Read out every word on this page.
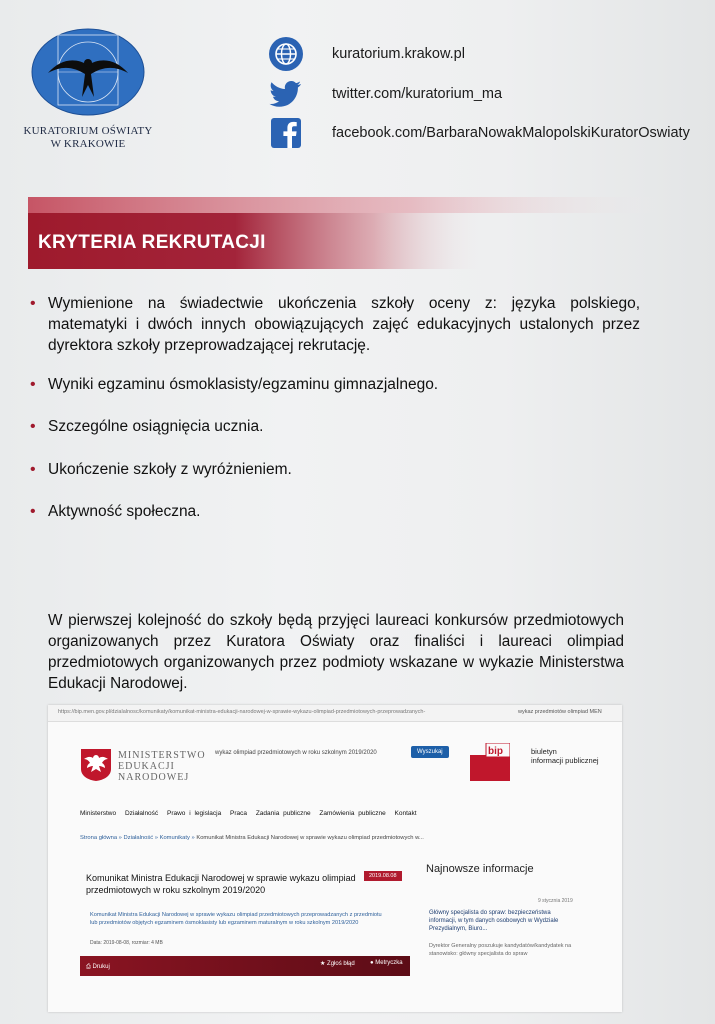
KURATORIUM OŚWIATY
W KRAKOWIE
kuratorium.krakow.pl
twitter.com/kuratorium_ma
facebook.com/BarbaraNowakMalopolskiKuratorOswiaty
KRYTERIA REKRUTACJI
• Wymienione na świadectwie ukończenia szkoły oceny z: języka polskiego, matematyki i dwóch innych obowiązujących zajęć edukacyjnych ustalonych przez dyrektora szkoły przeprowadzającej rekrutację.
• Wyniki egzaminu ósmoklasisty/egzaminu gimnazjalnego.
• Szczególne osiągnięcia ucznia.
• Ukończenie szkoły z wyróżnieniem.
• Aktywność społeczna.
W pierwszej kolejność do szkoły będą przyjęci laureaci konkursów przedmiotowych organizowanych przez Kuratora Oświaty oraz finaliści i laureaci olimpiad przedmiotowych organizowanych przez podmioty wskazane w wykazie Ministerstwa Edukacji Narodowej.
https://bip.men.gov.pl/dzialalnosc/komunikaty/komunikat-ministra-edukacji-narodowej-w-sprawie-wykazu-olimpiad-przedmiotowych-przeprowadzanych-	wykaz przedmiotów olimpiad MEN
MINISTERSTWO
EDUKACJI
NARODOWEJ
wykaz olimpiad przedmiotowych w roku szkolnym 2019/2020	Wyszukaj	bip	biuletyn
informacji publicznej
Ministerstwo Działalność Prawo i legislacja Praca Zadania publiczne Zamówienia publiczne Kontakt
Strona główna » Działalność » Komunikaty » Komunikat Ministra Edukacji Narodowej w sprawie wykazu olimpiad przedmiotowych w...
Komunikat Ministra Edukacji Narodowej w sprawie wykazu olimpiad przedmiotowych w roku szkolnym 2019/2020
2019.08.08
Komunikat Ministra Edukacji Narodowej w sprawie wykazu olimpiad przedmiotowych przeprowadzanych z przedmiotu lub przedmiotów objętych egzaminem ósmoklasisty lub egzaminem maturalnym w roku szkolnym 2019/2020
Data: 2019-08-08, rozmiar: 4 MB
⎙ Drukuj	★ Zgłoś błąd	● Metryczka
Najnowsze informacje
9 stycznia 2019
Główny specjalista do spraw: bezpieczeństwa informacji, w tym danych osobowych w Wydziale Prezydialnym, Biuro...
Dyrektor Generalny poszukuje kandydatów/kandydatek na stanowisko: główny specjalista do spraw
